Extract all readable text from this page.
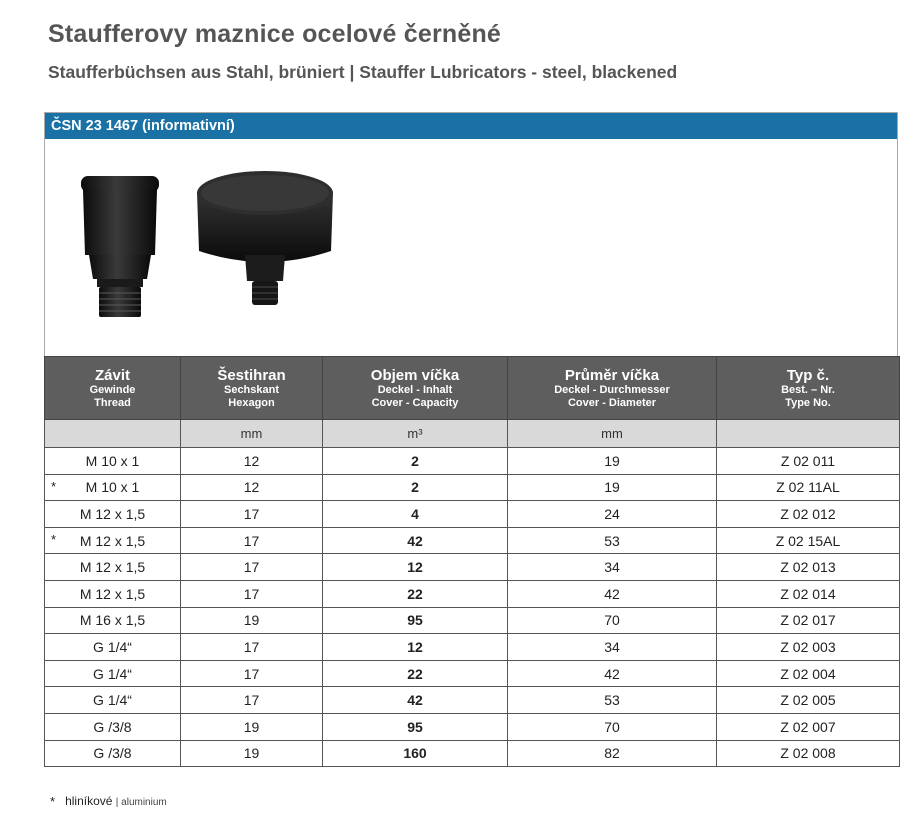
Staufferovy maznice ocelové černěné
Staufferbüchsen aus Stahl, brüniert | Stauffer Lubricators - steel, blackened
ČSN 23 1467 (informativní)
Závit
Gewinde
Thread	Šestihran
Sechskant
Hexagon	Objem víčka
Deckel - Inhalt
Cover - Capacity	Průměr víčka
Deckel - Durchmesser
Cover - Diameter	Typ č.
Best. – Nr.
Type No.

	mm	m³	mm	

M 10 x 1	12	2	19	Z 02 011

* M 10 x 1	12	2	19	Z 02 11AL

M 12 x 1,5	17	4	24	Z 02 012

* M 12 x 1,5	17	42	53	Z 02 15AL

M 12 x 1,5	17	12	34	Z 02 013

M 12 x 1,5	17	22	42	Z 02 014

M 16 x 1,5	19	95	70	Z 02 017

G 1/4“	17	12	34	Z 02 003

G 1/4“	17	22	42	Z 02 004

G 1/4“	17	42	53	Z 02 005

G /3/8	19	95	70	Z 02 007

G /3/8	19	160	82	Z 02 008
* hliníkové | aluminium
